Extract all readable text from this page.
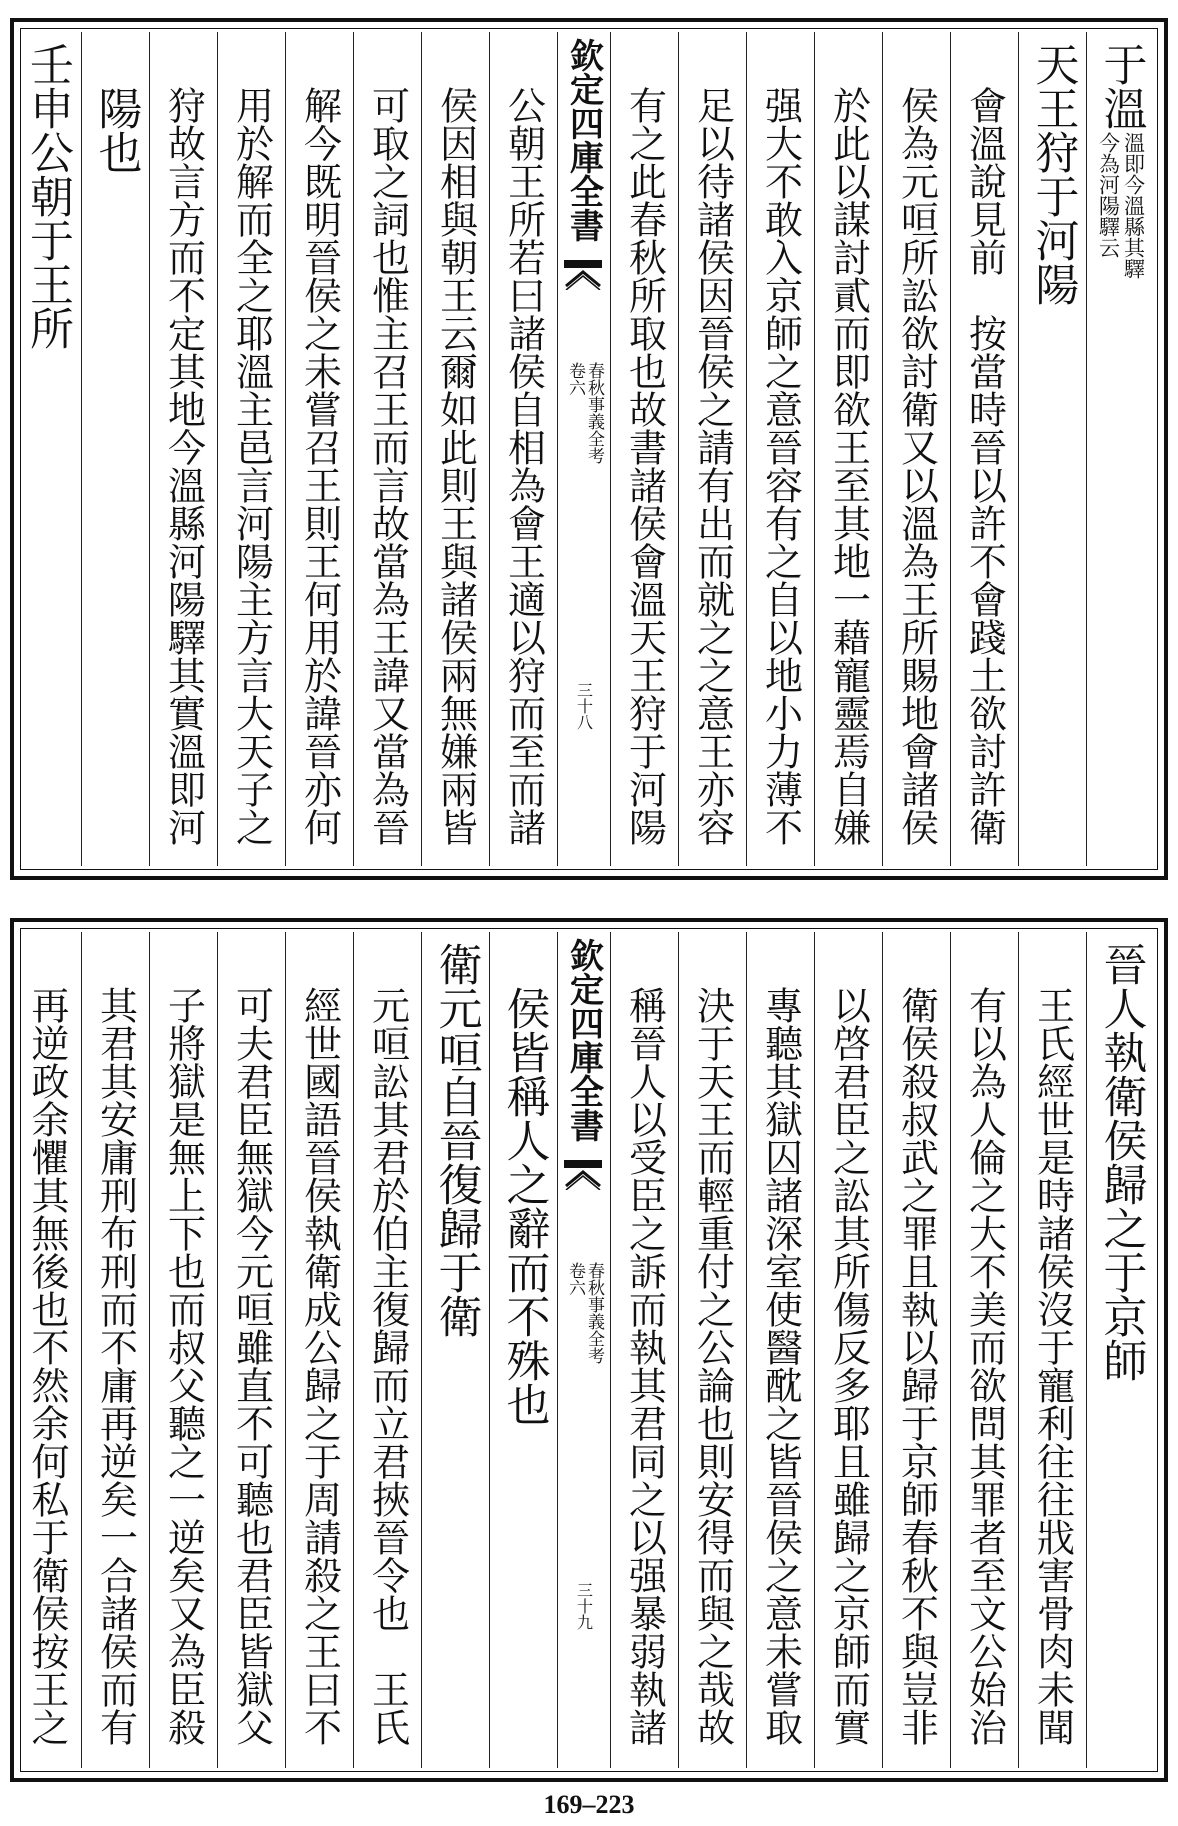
于溫
溫即今溫縣其驛
今為河陽驛云
天王狩于河陽
會溫說見前　按當時晉以許不會踐土欲討許衛
侯為元咺所訟欲討衛又以溫為王所賜地會諸侯
於此以謀討貳而即欲王至其地一藉寵靈焉自嫌
强大不敢入京師之意晉容有之自以地小力薄不
足以待諸侯因晉侯之請有出而就之之意王亦容
有之此春秋所取也故書諸侯會溫天王狩于河陽
欽定四庫全書
春秋事義全考
卷六
三十八
公朝王所若曰諸侯自相為會王適以狩而至而諸
侯因相與朝王云爾如此則王與諸侯兩無嫌兩皆
可取之詞也惟主召王而言故當為王諱又當為晉
解今既明晉侯之未嘗召王則王何用於諱晉亦何
用於解而全之耶溫主邑言河陽主方言大天子之
狩故言方而不定其地今溫縣河陽驛其實溫即河
陽也
壬申公朝于王所
晉人執衛侯歸之于京師
王氏經世是時諸侯沒于寵利往往戕害骨肉未聞
有以為人倫之大不美而欲問其罪者至文公始治
衛侯殺叔武之罪且執以歸于京師春秋不與豈非
以啓君臣之訟其所傷反多耶且雖歸之京師而實
專聽其獄囚諸深室使醫酖之皆晉侯之意未嘗取
決于天王而輕重付之公論也則安得而與之哉故
稱晉人以受臣之訴而執其君同之以强暴弱執諸
欽定四庫全書
春秋事義全考
卷六
三十九
侯皆稱人之辭而不殊也
衛元咺自晉復歸于衛
元咺訟其君於伯主復歸而立君挾晉令也　王氏
經世國語晉侯執衛成公歸之于周請殺之王曰不
可夫君臣無獄今元咺雖直不可聽也君臣皆獄父
子將獄是無上下也而叔父聽之一逆矣又為臣殺
其君其安庸刑布刑而不庸再逆矣一合諸侯而有
再逆政余懼其無後也不然余何私于衛侯按王之
169–223
